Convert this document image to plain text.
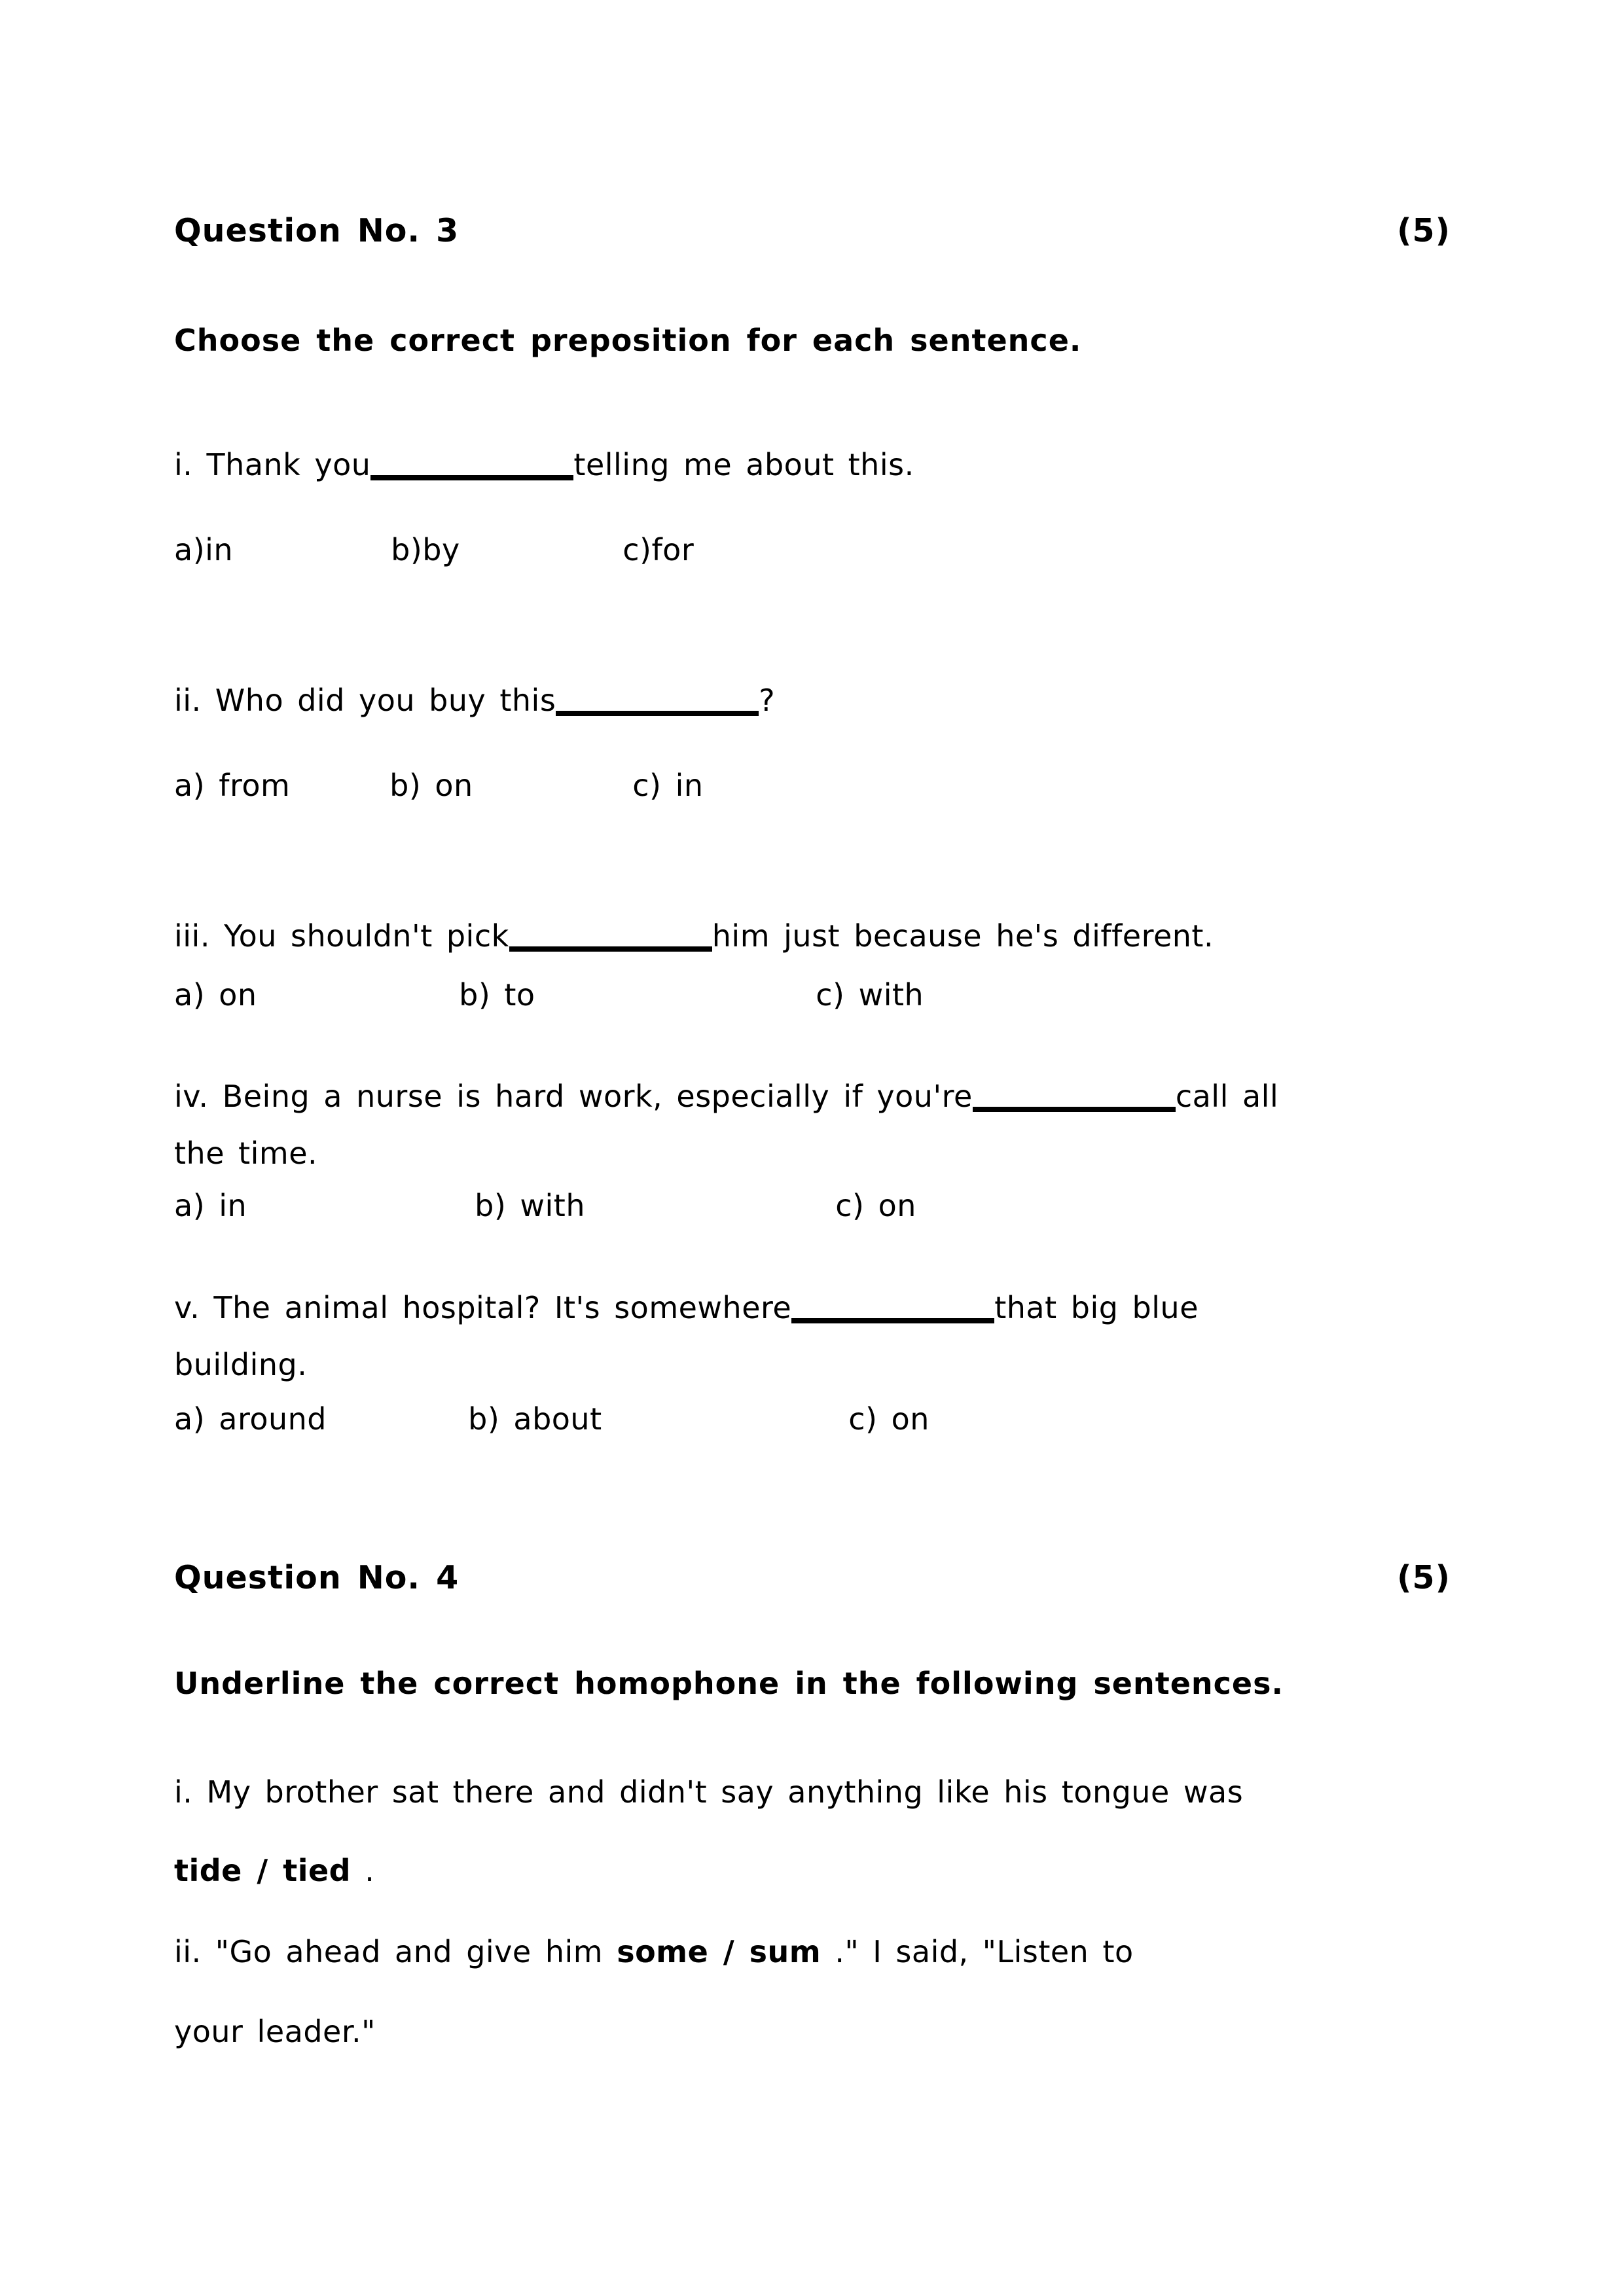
Question No. 3	(5)
Choose the correct preposition for each sentence.
i. Thank you	telling me about this.
a)in	b)by	c)for
ii. Who did you buy this	?
a) from	b) on	c) in
iii. You shouldn't pick	him just because he's different.
a) on	b) to	c) with
iv. Being a nurse is hard work, especially if you're	call all
the time.
a) in	b) with	c) on
v. The animal hospital? It's somewhere	that big blue
building.
a) around	b) about	c) on
Question No. 4	(5)
Underline the correct homophone in the following sentences.
i. My brother sat there and didn't say anything like his tongue was
tide / tied .
ii. "Go ahead and give him some / sum ." I said, "Listen to
your leader."
